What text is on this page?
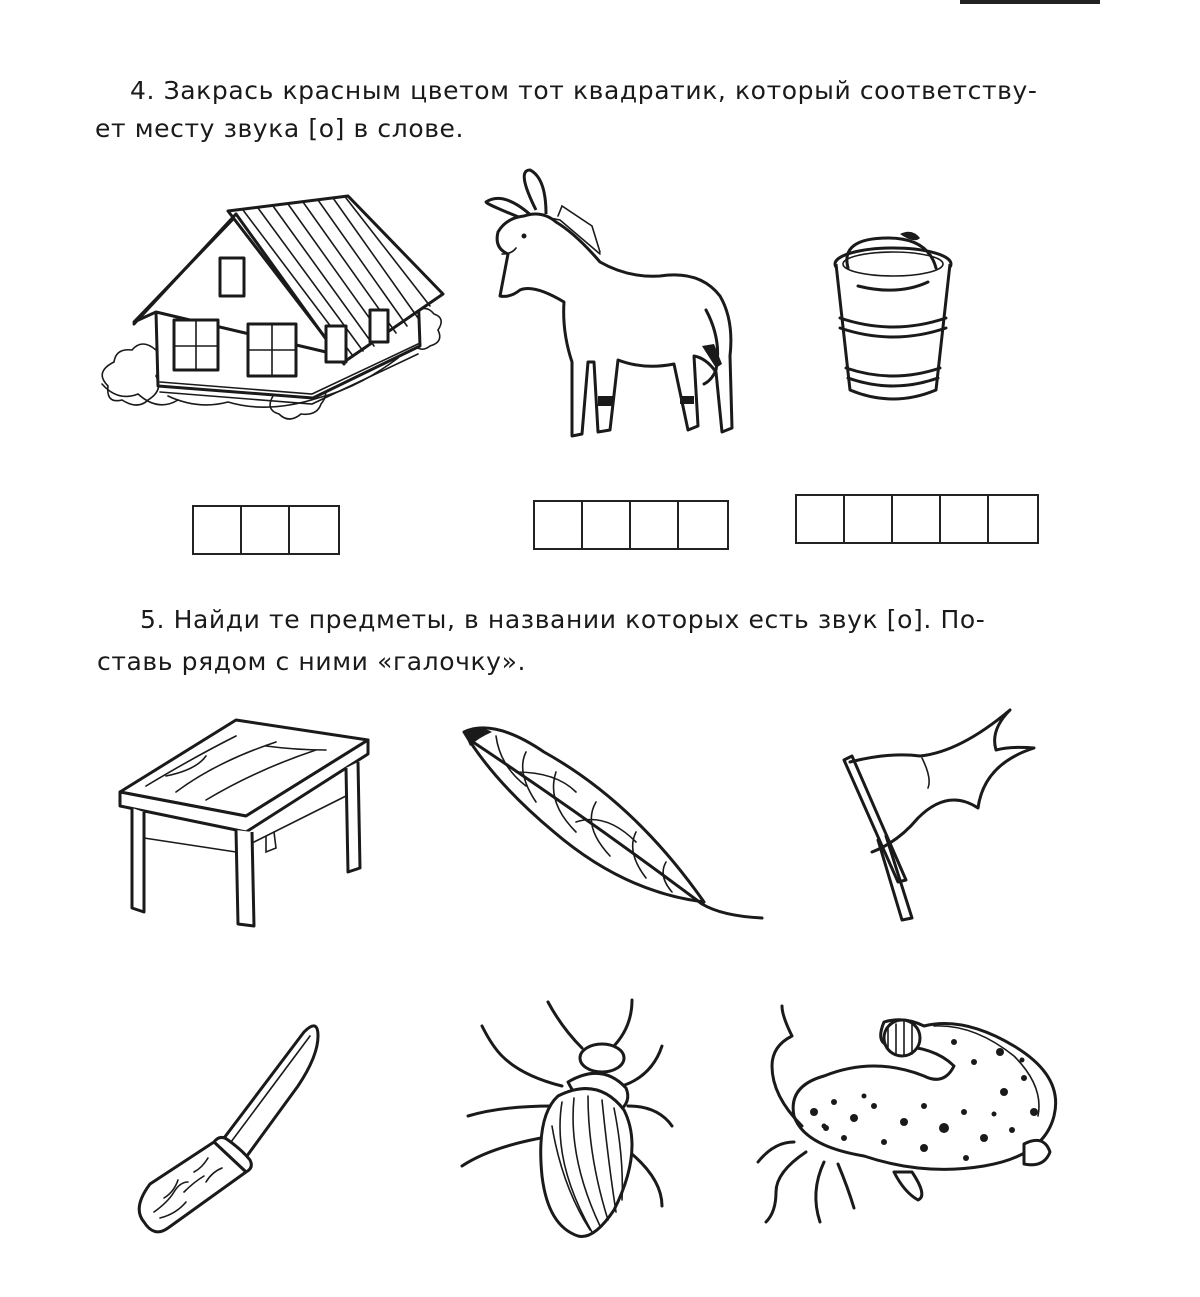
4. Закрась красным цветом тот квадратик, который соответству-

ет месту звука [о] в слове.

5. Найди те предметы, в названии которых есть звук [о]. По-

ставь рядом с ними «галочку».
